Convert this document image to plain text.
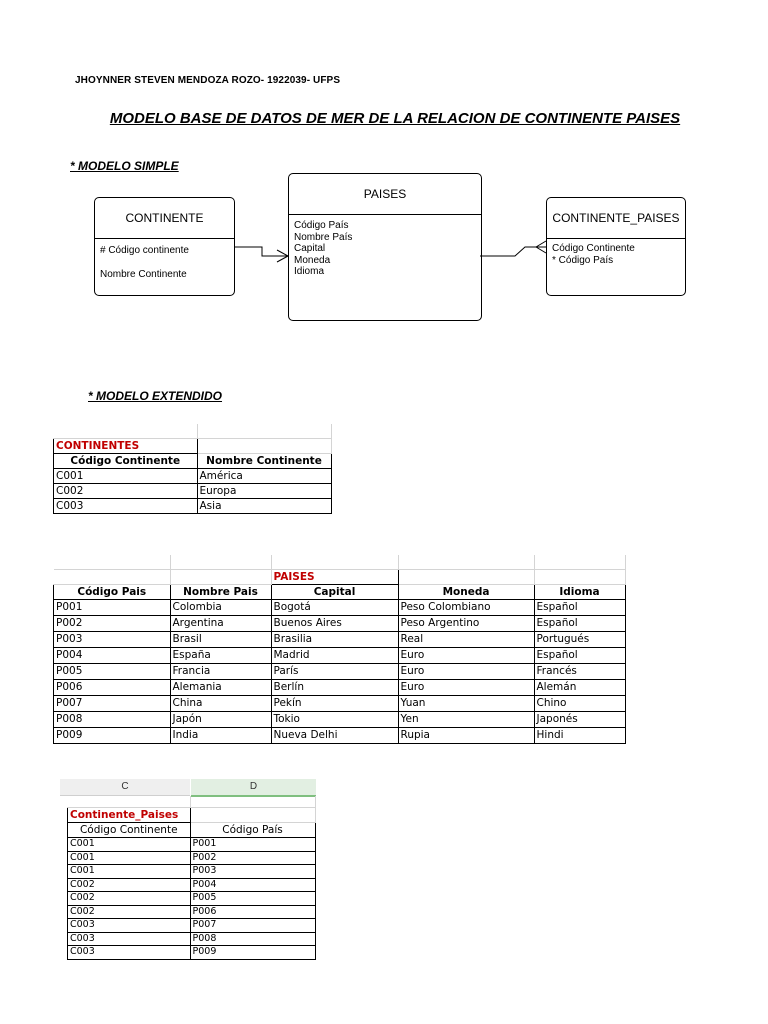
JHOYNNER STEVEN MENDOZA ROZO- 1922039- UFPS
MODELO BASE DE DATOS DE MER DE LA RELACION DE CONTINENTE PAISES
* MODELO SIMPLE
CONTINENTE
# Código continente
Nombre Continente
PAISES
Código País
Nombre País
Capital
Moneda
Idioma
CONTINENTE_PAISES
Código Continente
* Código País
* MODELO EXTENDIDO

CONTINENTES	
Código Continente	Nombre Continente
C001	América
C002	Europa
C003	Asia

		PAISES		
Código Pais	Nombre Pais	Capital	Moneda	Idioma
P001	Colombia	Bogotá	Peso Colombiano	Español
P002	Argentina	Buenos Aires	Peso Argentino	Español
P003	Brasil	Brasilia	Real	Portugués
P004	España	Madrid	Euro	Español
P005	Francia	París	Euro	Francés
P006	Alemania	Berlín	Euro	Alemán
P007	China	Pekín	Yuan	Chino
P008	Japón	Tokio	Yen	Japonés
P009	India	Nueva Delhi	Rupia	Hindi
C	D

Continente_Paises	
Código Continente	Código País
C001	P001
C001	P002
C001	P003
C002	P004
C002	P005
C002	P006
C003	P007
C003	P008
C003	P009
